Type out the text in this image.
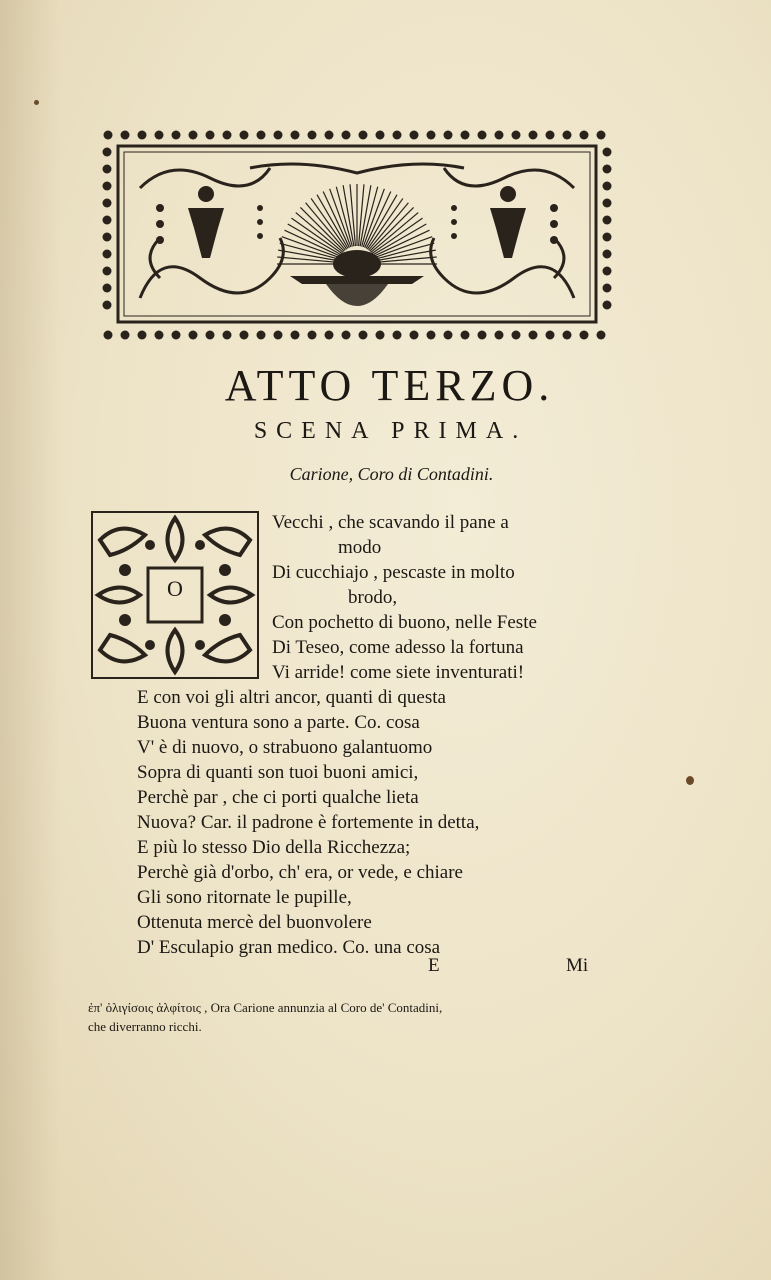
ATTO TERZO.
SCENA PRIMA.
Carione, Coro di Contadini.
O
Vecchi , che scavando il pane a
modo
Di cucchiajo , pescaste in molto
brodo,
Con pochetto di buono, nelle Feste
Di Teseo, come adesso la fortuna
Vi arride! come siete inventurati!
E con voi gli altri ancor, quanti di questa
Buona ventura sono a parte. Co. cosa
V' è di nuovo, o strabuono galantuomo
Sopra di quanti son tuoi buoni amici,
Perchè par , che ci porti qualche lieta
Nuova? Car. il padrone è fortemente in detta,
E più lo stesso Dio della Ricchezza;
Perchè già d'orbo, ch' era, or vede, e chiare
Gli sono ritornate le pupille,
Ottenuta mercè del buonvolere
D' Esculapio gran medico. Co. una cosa
E	Mi
ἐπ' ὀλιγίσοις ἀλφίτοις , Ora Carione annunzia al Coro de' Contadini,
che diverranno ricchi.
